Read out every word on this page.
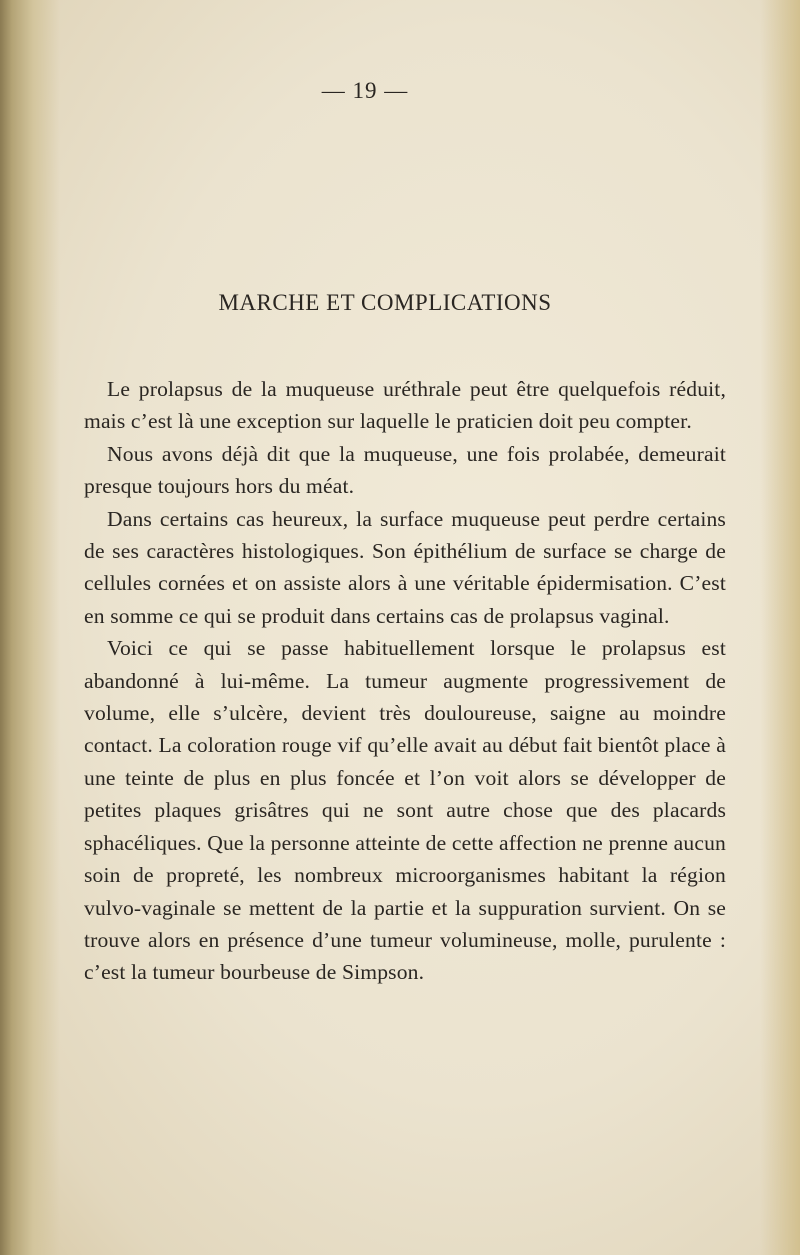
— 19 —
MARCHE ET COMPLICATIONS

Le prolapsus de la muqueuse uréthrale peut être quelquefois réduit, mais c’est là une exception sur laquelle le praticien doit peu compter.

Nous avons déjà dit que la muqueuse, une fois prolabée, demeurait presque toujours hors du méat.

Dans certains cas heureux, la surface muqueuse peut perdre certains de ses caractères histologiques. Son épithélium de surface se charge de cellules cornées et on assiste alors à une véritable épidermisation. C’est en somme ce qui se produit dans certains cas de prolapsus vaginal.

Voici ce qui se passe habituellement lorsque le prolapsus est abandonné à lui-même. La tumeur augmente progressivement de volume, elle s’ulcère, devient très douloureuse, saigne au moindre contact. La coloration rouge vif qu’elle avait au début fait bientôt place à une teinte de plus en plus foncée et l’on voit alors se développer de petites plaques grisâtres qui ne sont autre chose que des placards sphacéliques. Que la personne atteinte de cette affection ne prenne aucun soin de propreté, les nombreux microorganismes habitant la région vulvo-vaginale se mettent de la partie et la suppuration survient. On se trouve alors en présence d’une tumeur volumineuse, molle, purulente : c’est la tumeur bourbeuse de Simpson.
